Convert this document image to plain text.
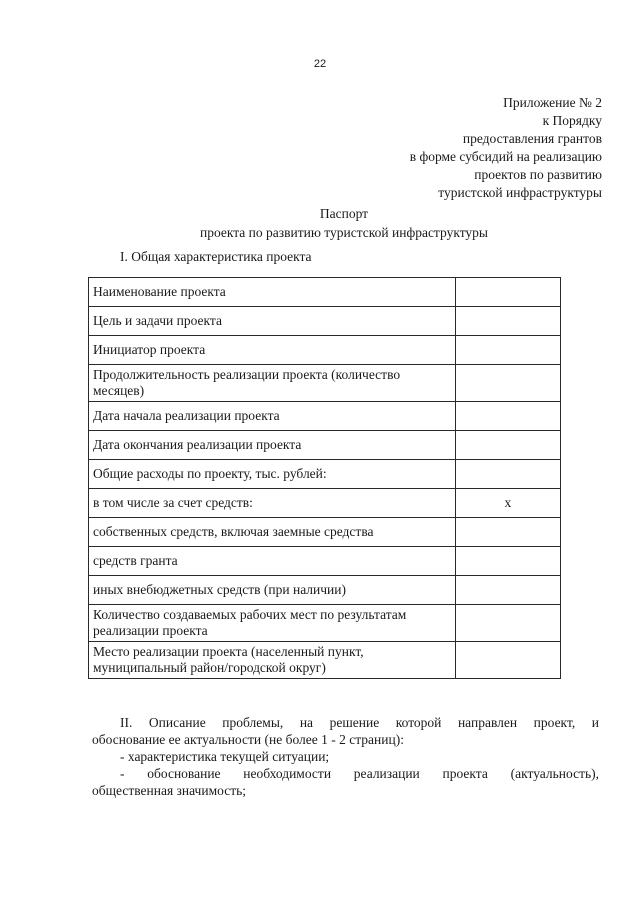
22
Приложение № 2
к Порядку
предоставления грантов
в форме субсидий на реализацию
проектов по развитию
туристской инфраструктуры
Паспорт
проекта по развитию туристской инфраструктуры
I. Общая характеристика проекта
Наименование проекта	
Цель и задачи проекта	
Инициатор проекта	
Продолжительность реализации проекта (количество месяцев)	
Дата начала реализации проекта	
Дата окончания реализации проекта	
Общие расходы по проекту, тыс. рублей:	
в том числе за счет средств:	х
собственных средств, включая заемные средства	
средств гранта	
иных внебюджетных средств (при наличии)	
Количество создаваемых рабочих мест по результатам реализации проекта	
Место реализации проекта (населенный пункт, муниципальный район/городской округ)	

II. Описание проблемы, на решение которой направлен проект, и

обоснование ее актуальности (не более 1 - 2 страниц):

- характеристика текущей ситуации;

- обоснование необходимости реализации проекта (актуальность),

общественная значимость;
